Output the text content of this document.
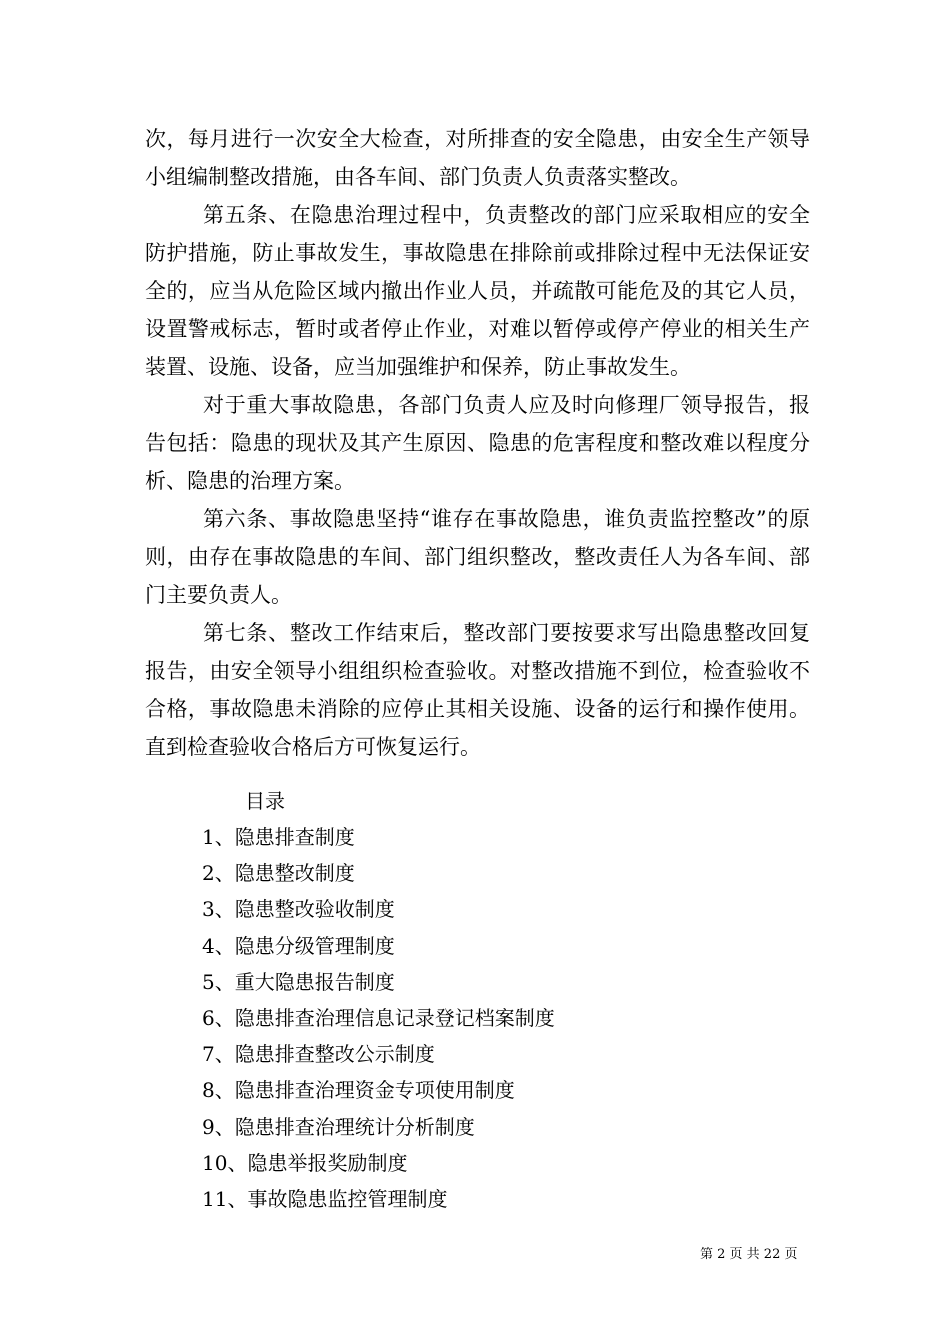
次，每月进行一次安全大检查，对所排查的安全隐患，由安全生产领导小组编制整改措施，由各车间、部门负责人负责落实整改。

第五条、在隐患治理过程中，负责整改的部门应采取相应的安全防护措施，防止事故发生，事故隐患在排除前或排除过程中无法保证安全的，应当从危险区域内撤出作业人员，并疏散可能危及的其它人员，设置警戒标志，暂时或者停止作业，对难以暂停或停产停业的相关生产装置、设施、设备，应当加强维护和保养，防止事故发生。

对于重大事故隐患，各部门负责人应及时向修理厂领导报告，报告包括：隐患的现状及其产生原因、隐患的危害程度和整改难以程度分析、隐患的治理方案。

第六条、事故隐患坚持“谁存在事故隐患，谁负责监控整改”的原则，由存在事故隐患的车间、部门组织整改，整改责任人为各车间、部门主要负责人。

第七条、整改工作结束后，整改部门要按要求写出隐患整改回复报告，由安全领导小组组织检查验收。对整改措施不到位，检查验收不合格，事故隐患未消除的应停止其相关设施、设备的运行和操作使用。直到检查验收合格后方可恢复运行。

目录
1、隐患排查制度
2、隐患整改制度
3、隐患整改验收制度
4、隐患分级管理制度
5、重大隐患报告制度
6、隐患排查治理信息记录登记档案制度
7、隐患排查整改公示制度
8、隐患排查治理资金专项使用制度
9、隐患排查治理统计分析制度
10、隐患举报奖励制度
11、事故隐患监控管理制度
第 2 页 共 22 页
